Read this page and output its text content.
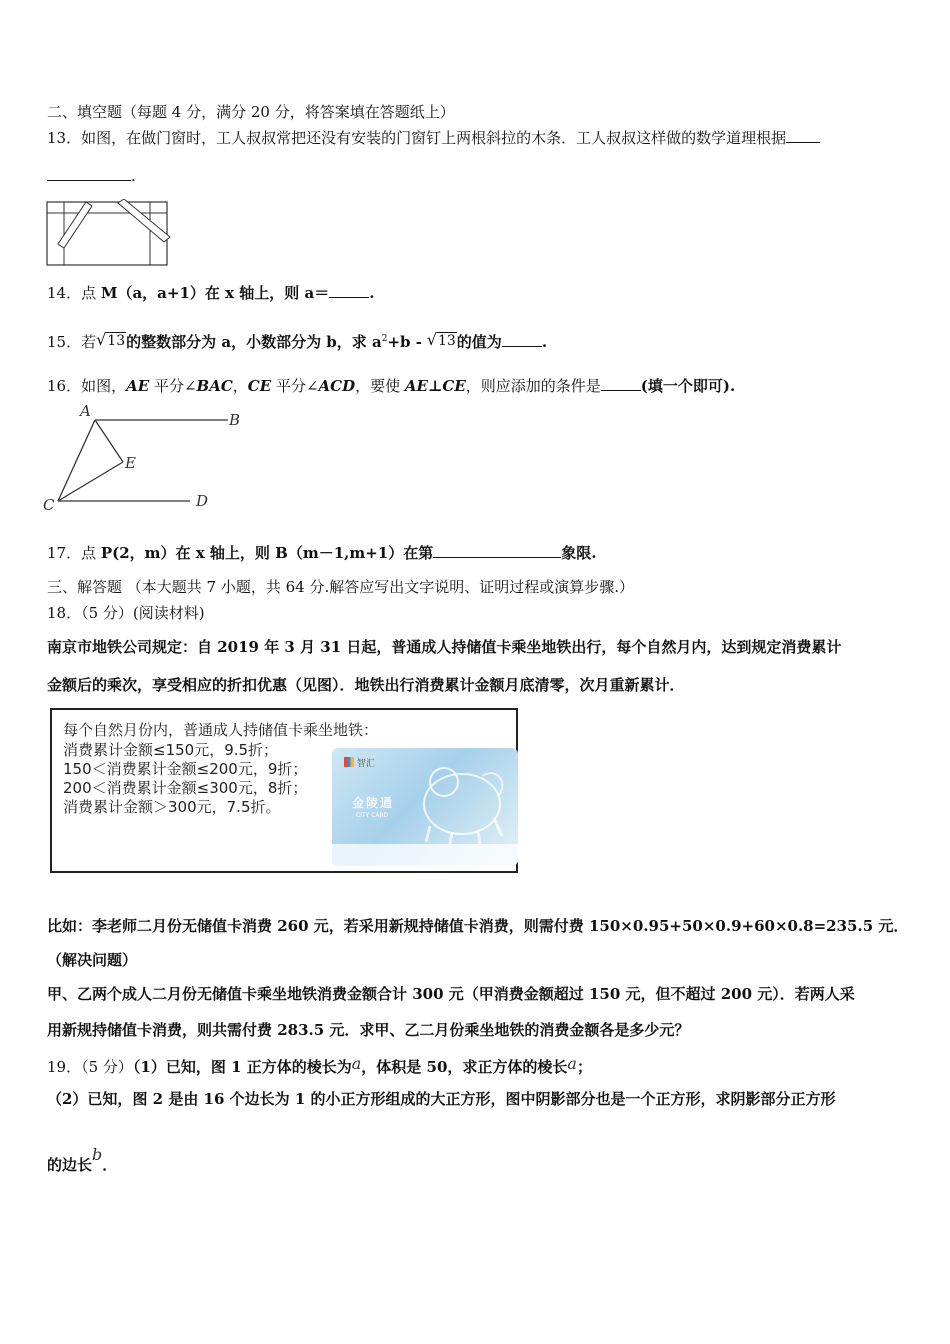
二、填空题（每题 4 分，满分 20 分，将答案填在答题纸上）
13．如图，在做门窗时，工人叔叔常把还没有安装的门窗钉上两根斜拉的木条．工人叔叔这样做的数学道理根据
.
14．点 M（a，a+1）在 x 轴上，则 a＝	.
15．若√13的整数部分为 a，小数部分为 b，求 $a^2+b - √13$的值为	.
16．如图，AE 平分∠BAC，CE 平分∠ACD，要使 AE⊥CE，则应添加的条件是	(填一个即可).
A	B
C	D
E
17．点 P(2，m）在 x 轴上，则 B（m－1,m+1）在第	象限.
三、解答题 （本大题共 7 小题，共 64 分.解答应写出文字说明、证明过程或演算步骤.）
18．（5 分）(阅读材料)
南京市地铁公司规定：自 2019 年 3 月 31 日起，普通成人持储值卡乘坐地铁出行，每个自然月内，达到规定消费累计
金额后的乘次，享受相应的折扣优惠（见图）．地铁出行消费累计金额月底清零，次月重新累计．
每个自然月份内，普通成人持储值卡乘坐地铁：
消费累计金额≤150元，9.5折；
150＜消费累计金额≤200元，9折；
200＜消费累计金额≤300元，8折；
消费累计金额＞300元，7.5折。
智汇
金陵通
CITY CARD
比如：李老师二月份无储值卡消费 260 元，若采用新规持储值卡消费，则需付费 150×0.95+50×0.9+60×0.8=235.5 元．
（解决问题）
甲、乙两个成人二月份无储值卡乘坐地铁消费金额合计 300 元（甲消费金额超过 150 元，但不超过 200 元）．若两人采
用新规持储值卡消费，则共需付费 283.5 元．求甲、乙二月份乘坐地铁的消费金额各是多少元？
19．（5 分）（1）已知，图 1 正方体的棱长为a，体积是 50，求正方体的棱长a；
（2）已知，图 2 是由 16 个边长为 1 的小正方形组成的大正方形，图中阴影部分也是一个正方形，求阴影部分正方形
的边长b．
